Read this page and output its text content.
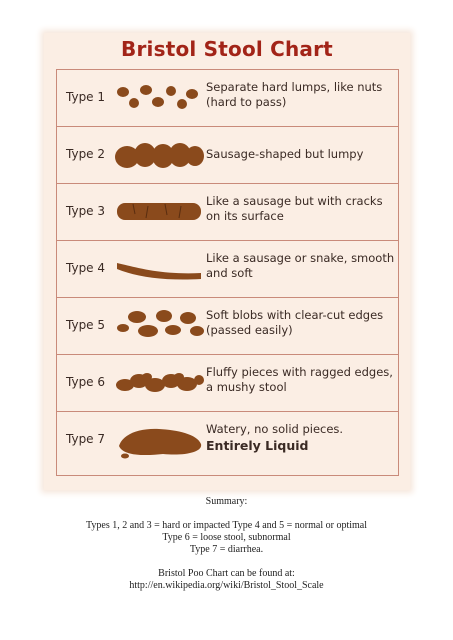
Bristol Stool Chart
Type 1
Separate hard lumps, like nuts (hard to pass)
Type 2	Sausage-shaped but lumpy
Type 3
Like a sausage but with cracks on its surface
Type 4
Like a sausage or snake, smooth and soft
Type 5
Soft blobs with clear-cut edges (passed easily)
Type 6
Fluffy pieces with ragged edges, a mushy stool
Type 7
Watery, no solid pieces.
Entirely Liquid
Summary:
Types 1, 2 and 3 = hard or impacted Type 4 and 5 = normal or optimal
Type 6 = loose stool, subnormal
Type 7 = diarrhea.
Bristol Poo Chart can be found at:
http://en.wikipedia.org/wiki/Bristol_Stool_Scale
